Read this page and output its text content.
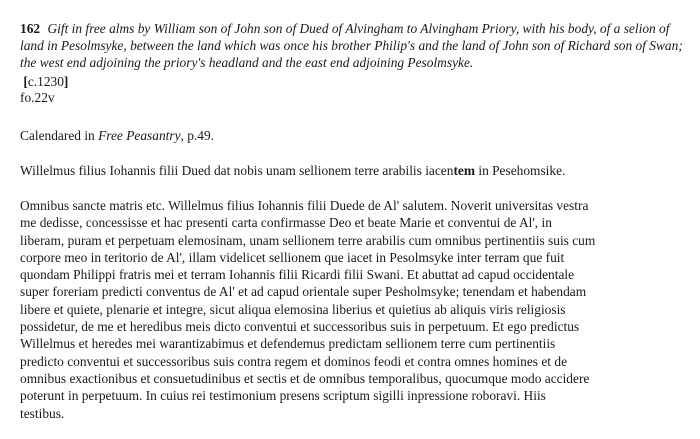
162 Gift in free alms by William son of John son of Dued of Alvingham to Alvingham Priory, with his body, of a selion of
land in Pesolmsyke, between the land which was once his brother Philip's and the land of John son of Richard son of Swan;
the west end adjoining the priory's headland and the east end adjoining Pesolmsyke.
[c.1230]
fo.22v
Calendared in Free Peasantry, p.49.
Willelmus filius Iohannis filii Dued dat nobis unam sellionem terre arabilis iacentem in Pesehomsike.
Omnibus sancte matris etc. Willelmus filius Iohannis filii Duede de Al' salutem. Noverit universitas vestra
me dedisse, concessisse et hac presenti carta confirmasse Deo et beate Marie et conventui de Al', in
liberam, puram et perpetuam elemosinam, unam sellionem terre arabilis cum omnibus pertinentiis suis cum
corpore meo in teritorio de Al', illam videlicet sellionem que iacet in Pesolmsyke inter terram que fuit
quondam Philippi fratris mei et terram Iohannis filii Ricardi filii Swani. Et abuttat ad capud occidentale
super foreriam predicti conventus de Al' et ad capud orientale super Pesholmsyke; tenendam et habendam
libere et quiete, plenarie et integre, sicut aliqua elemosina liberius et quietius ab aliquis viris religiosis
possidetur, de me et heredibus meis dicto conventui et successoribus suis in perpetuum. Et ego predictus
Willelmus et heredes mei warantizabimus et defendemus predictam sellionem terre cum pertinentiis
predicto conventui et successoribus suis contra regem et dominos feodi et contra omnes homines et de
omnibus exactionibus et consuetudinibus et sectis et de omnibus temporalibus, quocumque modo accidere
poterunt in perpetuum. In cuius rei testimonium presens scriptum sigilli inpressione roboravi. Hiis
testibus.
